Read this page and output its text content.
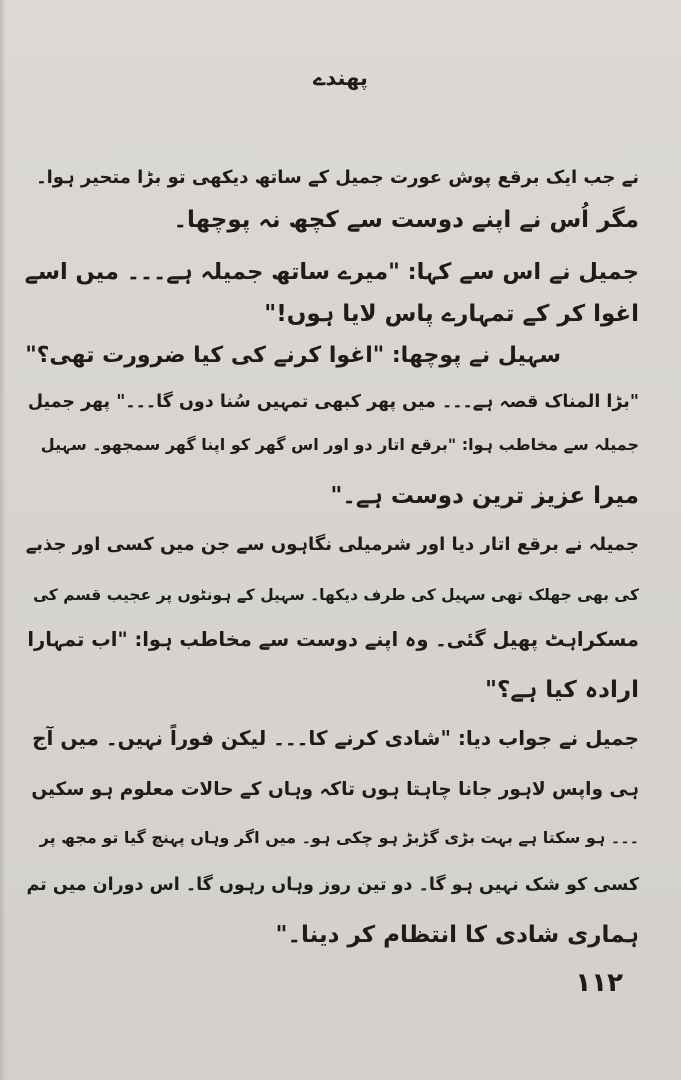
پھندے
نے جب ایک برقع پوش عورت جمیل کے ساتھ دیکھی تو بڑا متحیر ہوا۔
مگر اُس نے اپنے دوست سے کچھ نہ پوچھا۔
جمیل نے اس سے کہا: "میرے ساتھ جمیلہ ہے۔۔۔ میں اسے
اغوا کر کے تمہارے پاس لایا ہوں!"
سہیل نے پوچھا: "اغوا کرنے کی کیا ضرورت تھی؟"
"بڑا المناک قصہ ہے۔۔۔ میں پھر کبھی تمہیں سُنا دوں گا۔۔۔" پھر جمیل
جمیلہ سے مخاطب ہوا: "برقع اتار دو اور اس گھر کو اپنا گھر سمجھو۔ سہیل
میرا عزیز ترین دوست ہے۔"
جمیلہ نے برقع اتار دیا اور شرمیلی نگاہوں سے جن میں کسی اور جذبے
کی بھی جھلک تھی سہیل کی طرف دیکھا۔ سہیل کے ہونٹوں پر عجیب قسم کی
مسکراہٹ پھیل گئی۔ وہ اپنے دوست سے مخاطب ہوا: "اب تمہارا
ارادہ کیا ہے؟"
جمیل نے جواب دیا: "شادی کرنے کا۔۔۔ لیکن فوراً نہیں۔ میں آج
ہی واپس لاہور جانا چاہتا ہوں تاکہ وہاں کے حالات معلوم ہو سکیں
۔۔۔ ہو سکتا ہے بہت بڑی گڑبڑ ہو چکی ہو۔ میں اگر وہاں پہنچ گیا تو مجھ پر
کسی کو شک نہیں ہو گا۔ دو تین روز وہاں رہوں گا۔ اس دوران میں تم
ہماری شادی کا انتظام کر دینا۔"
۱۱۲
